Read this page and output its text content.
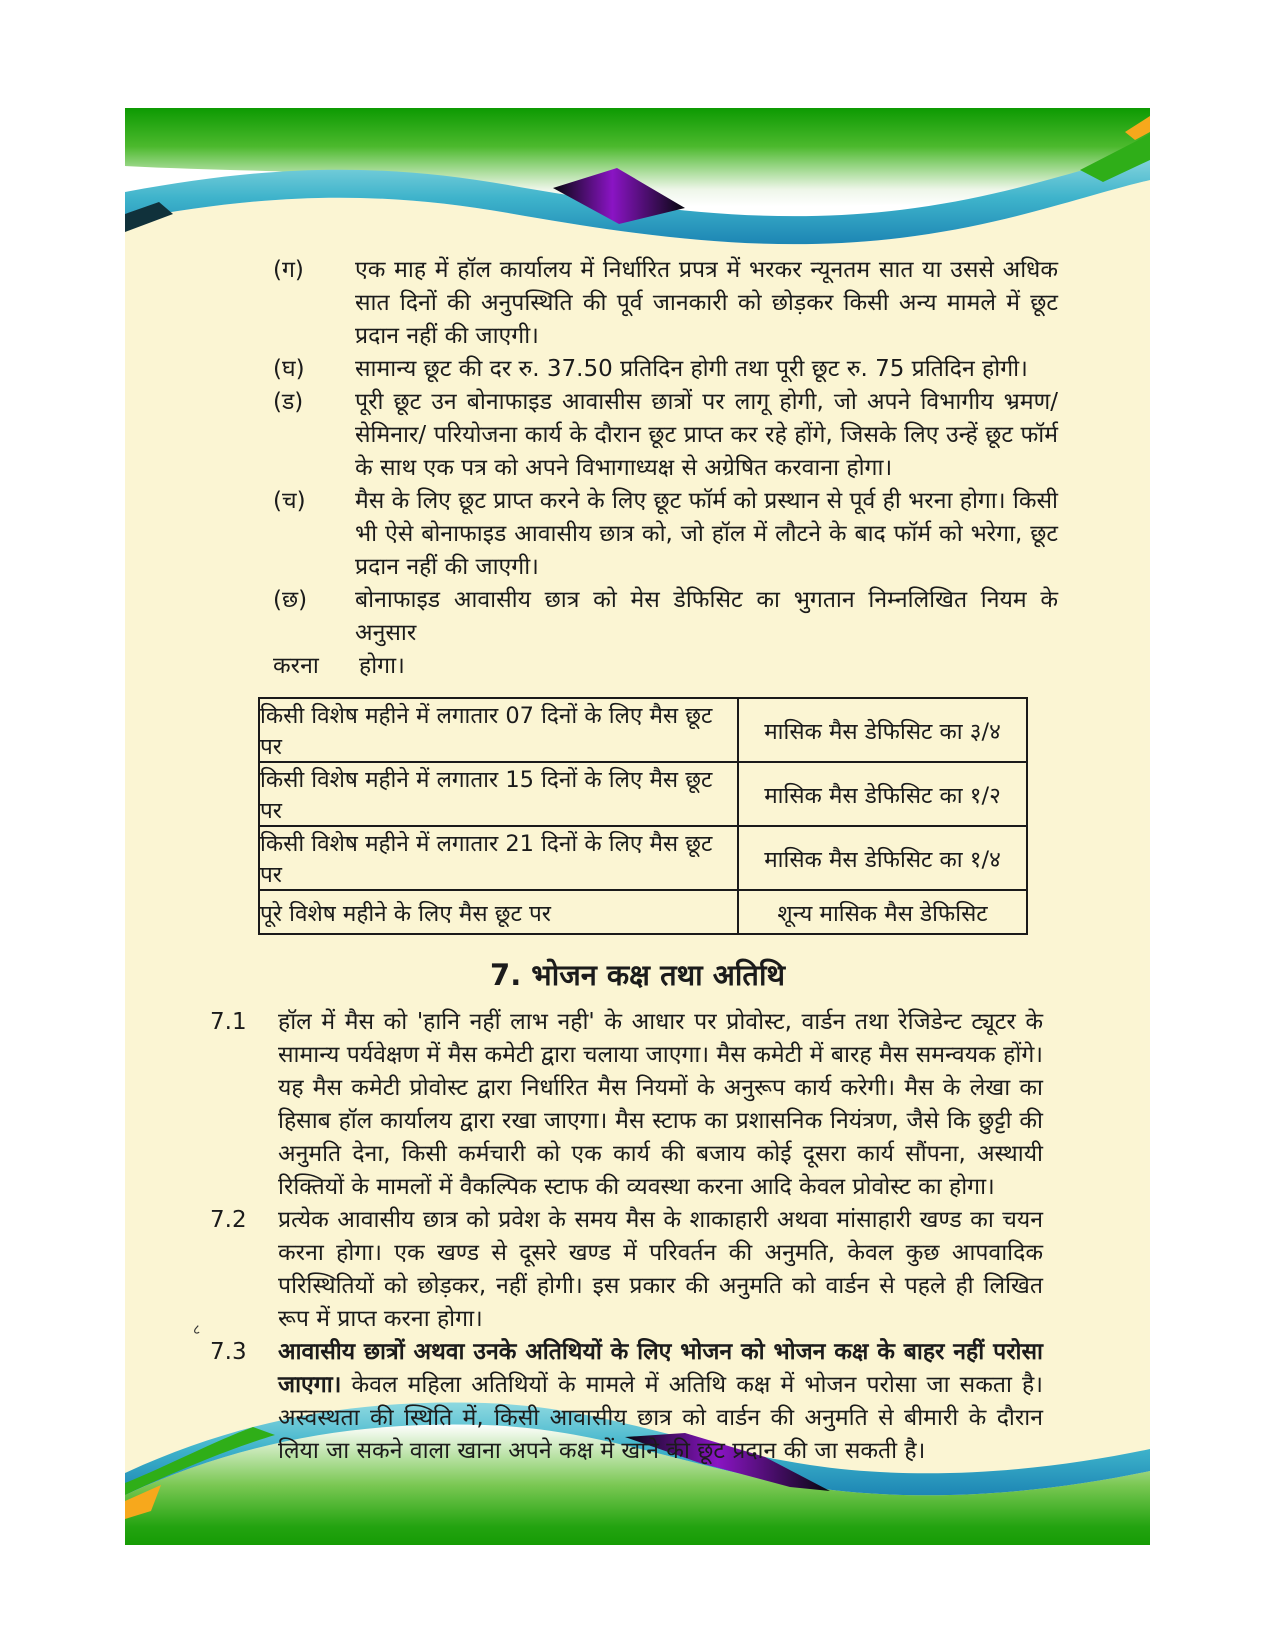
(ग)	एक माह में हॉल कार्यालय में निर्धारित प्रपत्र में भरकर न्यूनतम सात या उससे अधिक सात दिनों की अनुपस्थिति की पूर्व जानकारी को छोड़कर किसी अन्य मामले में छूट प्रदान नहीं की जाएगी।
(घ)	सामान्य छूट की दर रु. 37.50 प्रतिदिन होगी तथा पूरी छूट रु. 75 प्रतिदिन होगी।
(ड)	पूरी छूट उन बोनाफाइड आवासीस छात्रों पर लागू होगी, जो अपने विभागीय भ्रमण/सेमिनार/ परियोजना कार्य के दौरान छूट प्राप्त कर रहे होंगे, जिसके लिए उन्हें छूट फॉर्म के साथ एक पत्र को अपने विभागाध्यक्ष से अग्रेषित करवाना होगा।
(च)	मैस के लिए छूट प्राप्त करने के लिए छूट फॉर्म को प्रस्थान से पूर्व ही भरना होगा। किसी भी ऐसे बोनाफाइड आवासीय छात्र को, जो हॉल में लौटने के बाद फॉर्म को भरेगा, छूट प्रदान नहीं की जाएगी।
(छ)	बोनाफाइड आवासीय छात्र को मेस डेफिसिट का भुगतान निम्नलिखित नियम के अनुसार
करना	होगा।
किसी विशेष महीने में लगातार 07 दिनों के लिए मैस छूट पर	मासिक मैस डेफिसिट का ३/४
किसी विशेष महीने में लगातार 15 दिनों के लिए मैस छूट पर	मासिक मैस डेफिसिट का १/२
किसी विशेष महीने में लगातार 21 दिनों के लिए मैस छूट पर	मासिक मैस डेफिसिट का १/४
पूरे विशेष महीने के लिए मैस छूट पर	शून्य मासिक मैस डेफिसिट
7. भोजन कक्ष तथा अतिथि
7.1	हॉल में मैस को 'हानि नहीं लाभ नही' के आधार पर प्रोवोस्ट, वार्डन तथा रेजिडेन्ट ट्यूटर के सामान्य पर्यवेक्षण में मैस कमेटी द्वारा चलाया जाएगा। मैस कमेटी में बारह मैस समन्वयक होंगे। यह मैस कमेटी प्रोवोस्ट द्वारा निर्धारित मैस नियमों के अनुरूप कार्य करेगी। मैस के लेखा का हिसाब हॉल कार्यालय द्वारा रखा जाएगा। मैस स्टाफ का प्रशासनिक नियंत्रण, जैसे कि छुट्टी की अनुमति देना, किसी कर्मचारी को एक कार्य की बजाय कोई दूसरा कार्य सौंपना, अस्थायी रिक्तियों के मामलों में वैकल्पिक स्टाफ की व्यवस्था करना आदि केवल प्रोवोस्ट का होगा।
7.2	प्रत्येक आवासीय छात्र को प्रवेश के समय मैस के शाकाहारी अथवा मांसाहारी खण्ड का चयन करना होगा। एक खण्ड से दूसरे खण्ड में परिवर्तन की अनुमति, केवल कुछ आपवादिक परिस्थितियों को छोड़कर, नहीं होगी। इस प्रकार की अनुमति को वार्डन से पहले ही लिखित रूप में प्राप्त करना होगा।
7.3	आवासीय छात्रों अथवा उनके अतिथियों के लिए भोजन को भोजन कक्ष के बाहर नहीं परोसा जाएगा। केवल महिला अतिथियों के मामले में अतिथि कक्ष में भोजन परोसा जा सकता है। अस्वस्थता की स्थिति में, किसी आवासीय छात्र को वार्डन की अनुमति से बीमारी के दौरान लिया जा सकने वाला खाना अपने कक्ष में खाने की छूट प्रदान की जा सकती है।
८
